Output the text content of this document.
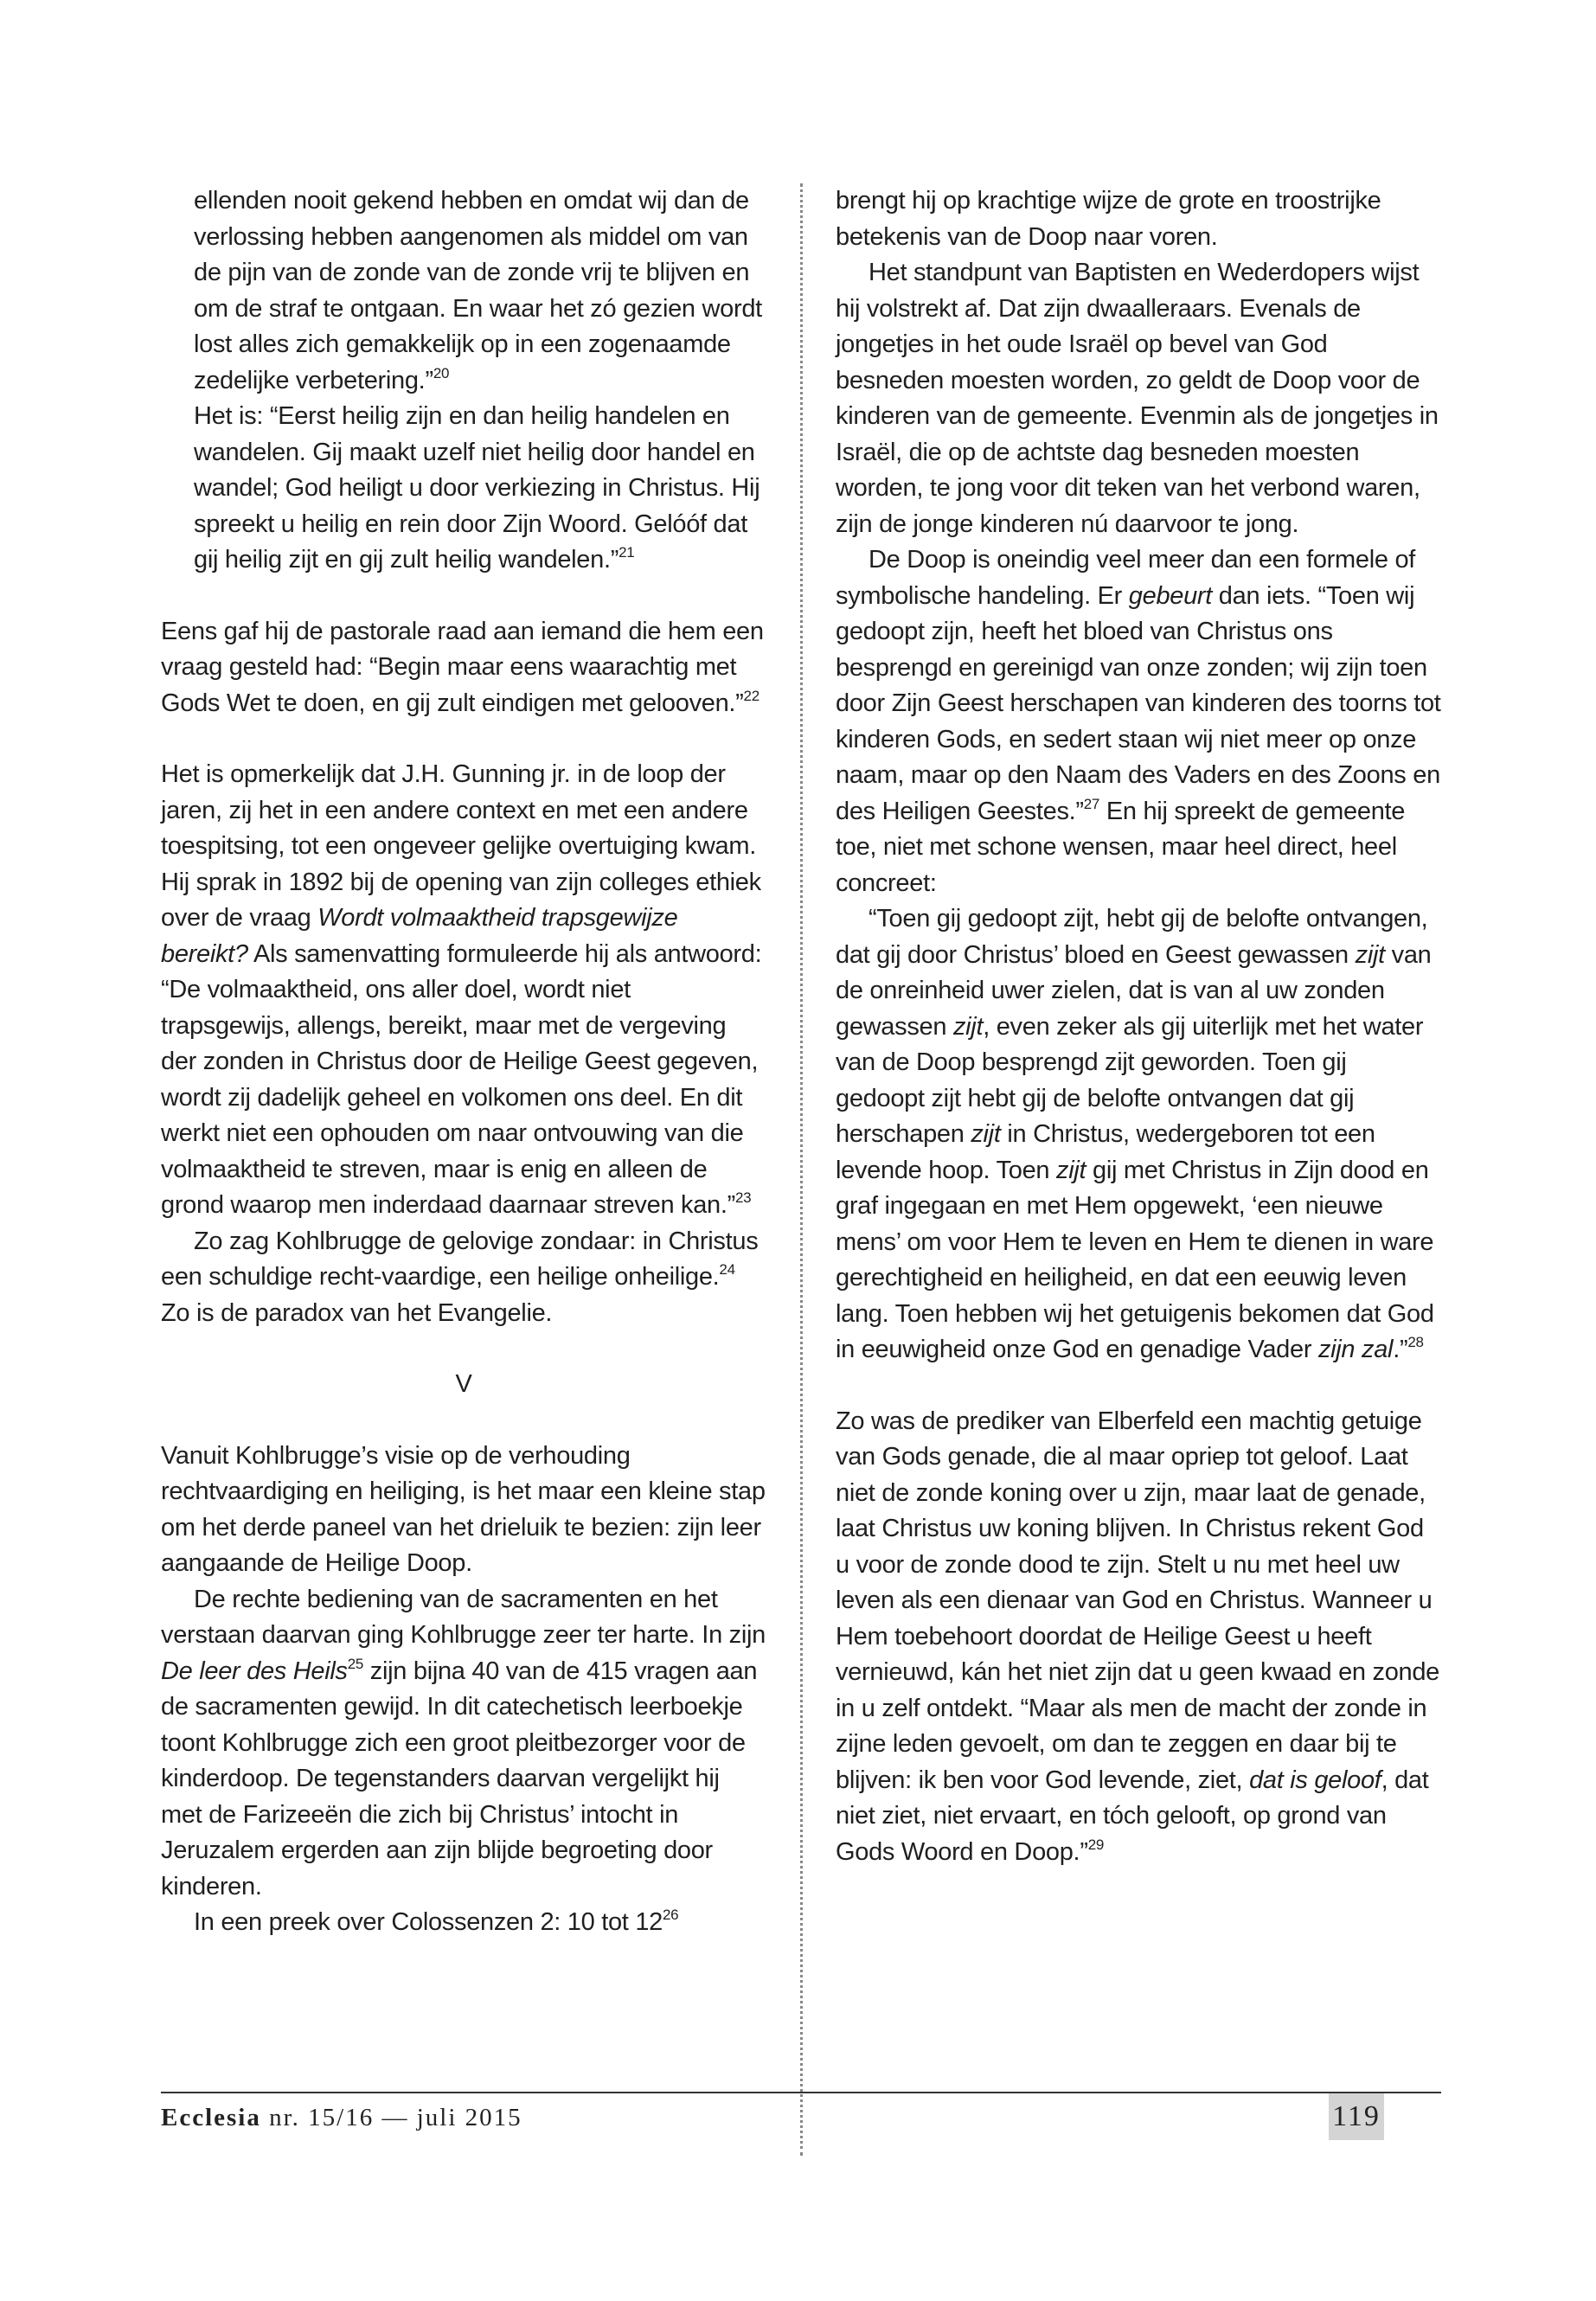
ellenden nooit gekend hebben en omdat wij dan de verlossing hebben aangenomen als middel om van de pijn van de zonde van de zonde vrij te blijven en om de straf te ontgaan. En waar het zó gezien wordt lost alles zich gemakkelijk op in een zogenaamde zedelijke verbetering.”$^{20}$

Het is: “Eerst heilig zijn en dan heilig handelen en wandelen. Gij maakt uzelf niet heilig door handel en wandel; God heiligt u door verkiezing in Christus. Hij spreekt u heilig en rein door Zijn Woord. Gelóóf dat gij heilig zijt en gij zult heilig wandelen.”$^{21}$

Eens gaf hij de pastorale raad aan iemand die hem een vraag gesteld had: “Begin maar eens waarachtig met Gods Wet te doen, en gij zult eindigen met gelooven.”$^{22}$

Het is opmerkelijk dat J.H. Gunning jr. in de loop der jaren, zij het in een andere context en met een andere toespitsing, tot een ongeveer gelijke overtuiging kwam. Hij sprak in 1892 bij de opening van zijn colleges ethiek over de vraag Wordt volmaaktheid trapsgewijze bereikt? Als samenvatting formuleerde hij als antwoord: “De volmaaktheid, ons aller doel, wordt niet trapsgewijs, allengs, bereikt, maar met de vergeving der zonden in Christus door de Heilige Geest gegeven, wordt zij dadelijk geheel en volkomen ons deel. En dit werkt niet een ophouden om naar ontvouwing van die volmaaktheid te streven, maar is enig en alleen de grond waarop men inderdaad daarnaar streven kan.”$^{23}$

Zo zag Kohlbrugge de gelovige zondaar: in Christus een schuldige recht-vaardige, een heilige onheilige.$^{24}$ Zo is de paradox van het Evangelie.

V

Vanuit Kohlbrugge’s visie op de verhouding rechtvaardiging en heiliging, is het maar een kleine stap om het derde paneel van het drieluik te bezien: zijn leer aangaande de Heilige Doop.

De rechte bediening van de sacramenten en het verstaan daarvan ging Kohlbrugge zeer ter harte. In zijn De leer des Heils$^{25}$ zijn bijna 40 van de 415 vragen aan de sacramenten gewijd. In dit catechetisch leerboekje toont Kohlbrugge zich een groot pleitbezorger voor de kinderdoop. De tegenstanders daarvan vergelijkt hij met de Farizeeën die zich bij Christus’ intocht in Jeruzalem ergerden aan zijn blijde begroeting door kinderen.

In een preek over Colossenzen 2: 10 tot $12^{26}$

brengt hij op krachtige wijze de grote en troostrijke betekenis van de Doop naar voren.

Het standpunt van Baptisten en Wederdopers wijst hij volstrekt af. Dat zijn dwaalleraars. Evenals de jongetjes in het oude Israël op bevel van God besneden moesten worden, zo geldt de Doop voor de kinderen van de gemeente. Evenmin als de jongetjes in Israël, die op de achtste dag besneden moesten worden, te jong voor dit teken van het verbond waren, zijn de jonge kinderen nú daarvoor te jong.

De Doop is oneindig veel meer dan een formele of symbolische handeling. Er gebeurt dan iets. “Toen wij gedoopt zijn, heeft het bloed van Christus ons besprengd en gereinigd van onze zonden; wij zijn toen door Zijn Geest herschapen van kinderen des toorns tot kinderen Gods, en sedert staan wij niet meer op onze naam, maar op den Naam des Vaders en des Zoons en des Heiligen Geestes.”$^{27}$ En hij spreekt de gemeente toe, niet met schone wensen, maar heel direct, heel concreet:

“Toen gij gedoopt zijt, hebt gij de belofte ontvangen, dat gij door Christus’ bloed en Geest gewassen zijt van de onreinheid uwer zielen, dat is van al uw zonden gewassen zijt, even zeker als gij uiterlijk met het water van de Doop besprengd zijt geworden. Toen gij gedoopt zijt hebt gij de belofte ontvangen dat gij herschapen zijt in Christus, wedergeboren tot een levende hoop. Toen zijt gij met Christus in Zijn dood en graf ingegaan en met Hem opgewekt, ‘een nieuwe mens’ om voor Hem te leven en Hem te dienen in ware gerechtigheid en heiligheid, en dat een eeuwig leven lang. Toen hebben wij het getuigenis bekomen dat God in eeuwigheid onze God en genadige Vader zijn zal.”$^{28}$

Zo was de prediker van Elberfeld een machtig getuige van Gods genade, die al maar opriep tot geloof. Laat niet de zonde koning over u zijn, maar laat de genade, laat Christus uw koning blijven. In Christus rekent God u voor de zonde dood te zijn. Stelt u nu met heel uw leven als een dienaar van God en Christus. Wanneer u Hem toebehoort doordat de Heilige Geest u heeft vernieuwd, kán het niet zijn dat u geen kwaad en zonde in u zelf ontdekt. “Maar als men de macht der zonde in zijne leden gevoelt, om dan te zeggen en daar bij te blijven: ik ben voor God levende, ziet, dat is geloof, dat niet ziet, niet ervaart, en tóch gelooft, op grond van Gods Woord en Doop.”$^{29}$

Ecclesia nr. 15/16 — juli 2015	119
